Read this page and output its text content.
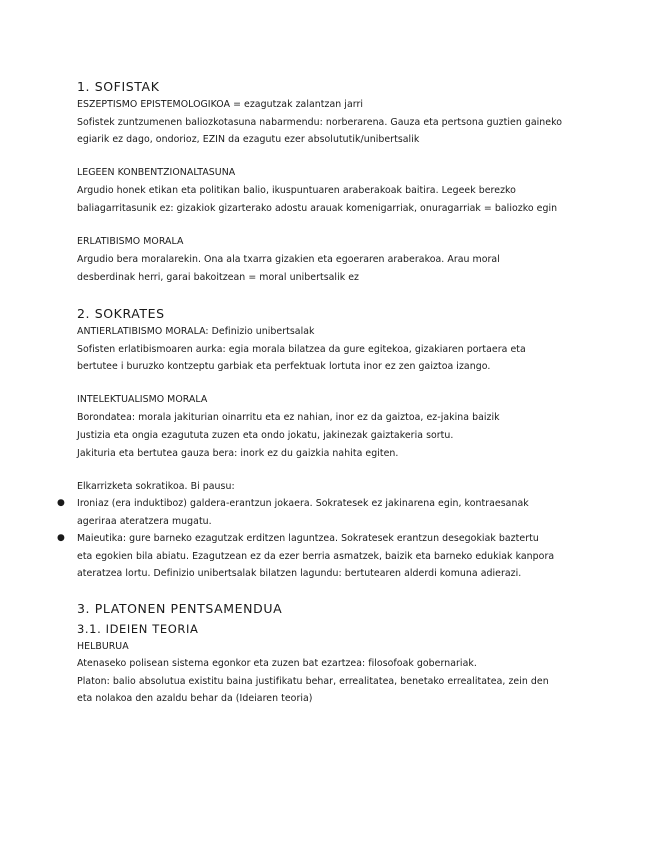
1. SOFISTAK
ESZEPTISMO EPISTEMOLOGIKOA = ezagutzak zalantzan jarri
Sofistek zuntzumenen baliozkotasuna nabarmendu: norberarena. Gauza eta pertsona guztien gaineko
egiarik ez dago, ondorioz, EZIN da ezagutu ezer absolututik/unibertsalik
LEGEEN KONBENTZIONALTASUNA
Argudio honek etikan eta politikan balio, ikuspuntuaren araberakoak baitira. Legeek berezko
baliagarritasunik ez: gizakiok gizarterako adostu arauak komenigarriak, onuragarriak = baliozko egin
ERLATIBISMO MORALA
Argudio bera moralarekin. Ona ala txarra gizakien eta egoeraren araberakoa. Arau moral
desberdinak herri, garai bakoitzean = moral unibertsalik ez
2. SOKRATES
ANTIERLATIBISMO MORALA: Definizio unibertsalak
Sofisten erlatibismoaren aurka: egia morala bilatzea da gure egitekoa, gizakiaren portaera eta
bertutee i buruzko kontzeptu garbiak eta perfektuak lortuta inor ez zen gaiztoa izango.
INTELEKTUALISMO MORALA
Borondatea: morala jakiturian oinarritu eta ez nahian, inor ez da gaiztoa, ez-jakina baizik
Justizia eta ongia ezagututa zuzen eta ondo jokatu, jakinezak gaiztakeria sortu.
Jakituria eta bertutea gauza bera: inork ez du gaizkia nahita egiten.
Elkarrizketa sokratikoa. Bi pausu:
● Ironiaz (era induktiboz) galdera-erantzun jokaera. Sokratesek ez jakinarena egin, kontraesanak
ageriraa ateratzera mugatu.
● Maieutika: gure barneko ezagutzak erditzen laguntzea. Sokratesek erantzun desegokiak baztertu
eta egokien bila abiatu. Ezagutzean ez da ezer berria asmatzek, baizik eta barneko edukiak kanpora
ateratzea lortu. Definizio unibertsalak bilatzen lagundu: bertutearen alderdi komuna adierazi.
3. PLATONEN PENTSAMENDUA
3.1. IDEIEN TEORIA
HELBURUA
Atenaseko polisean sistema egonkor eta zuzen bat ezartzea: filosofoak gobernariak.
Platon: balio absolutua existitu baina justifikatu behar, errealitatea, benetako errealitatea, zein den
eta nolakoa den azaldu behar da (Ideiaren teoria)
